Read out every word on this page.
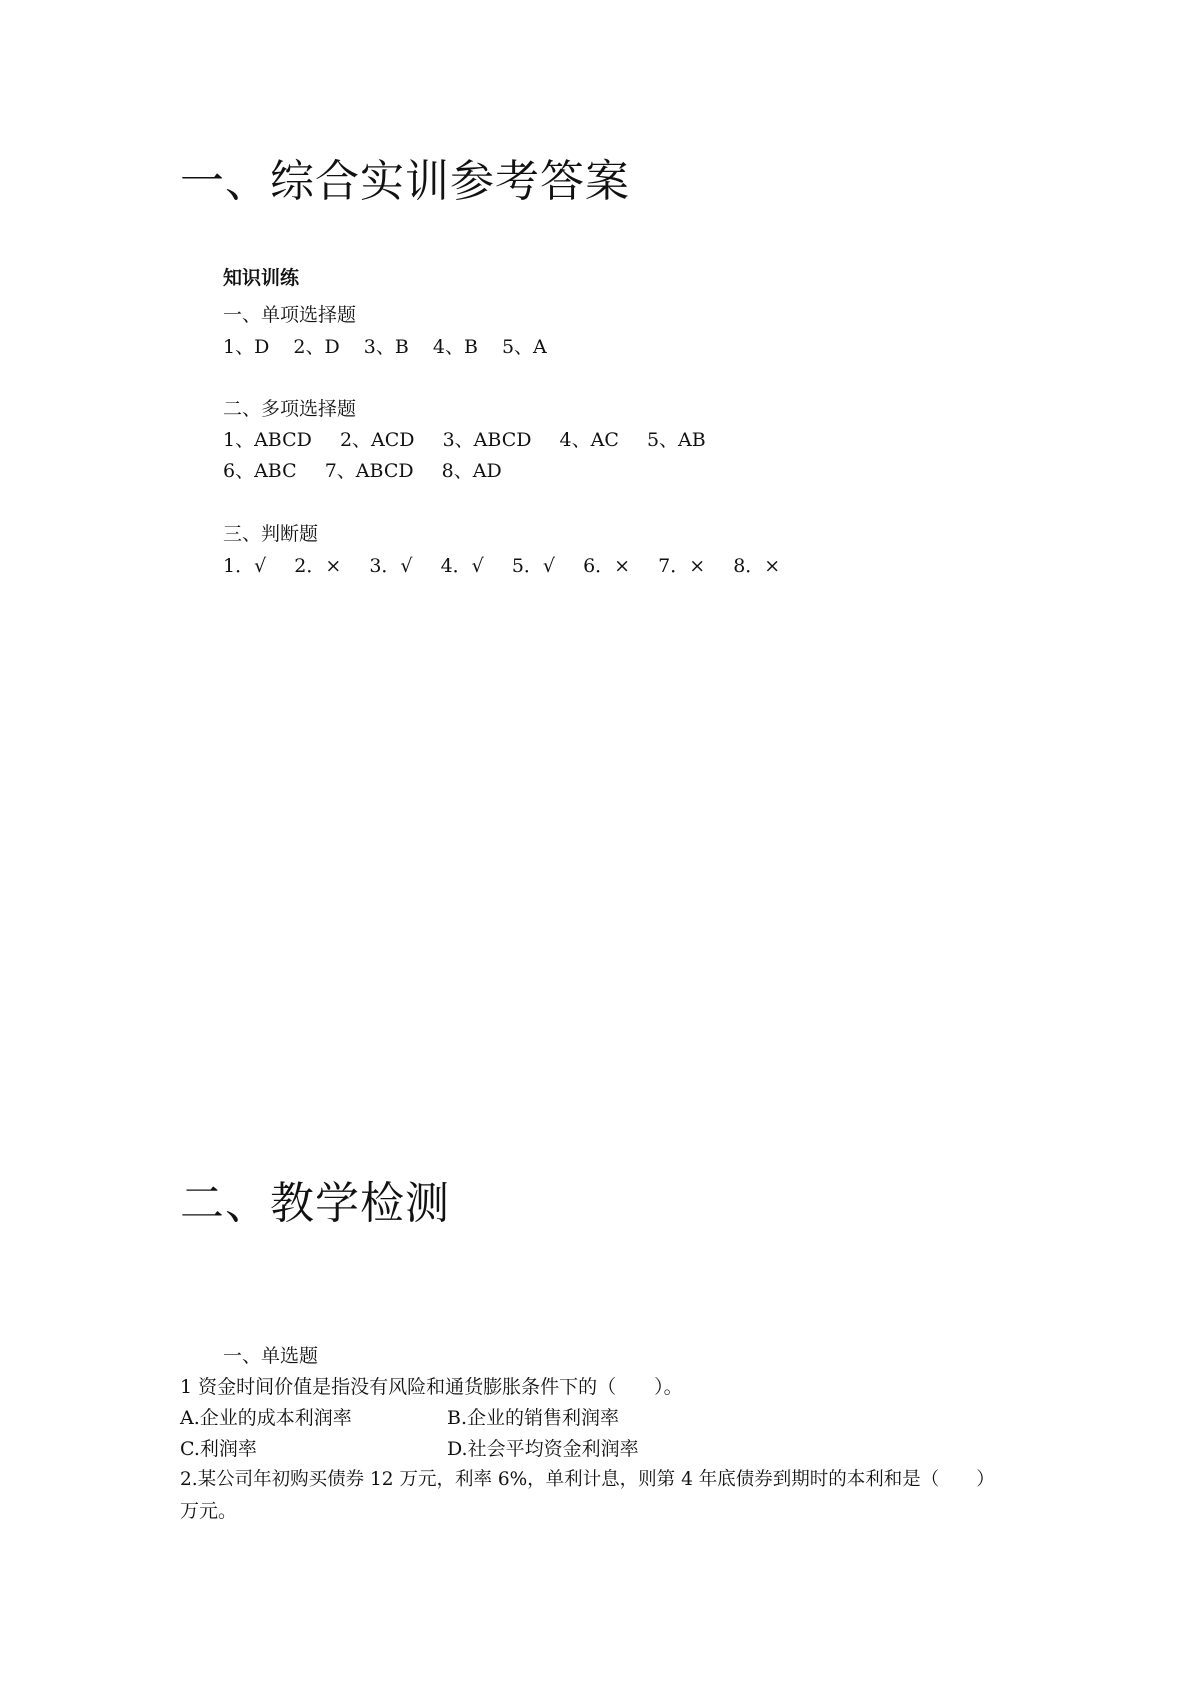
一、综合实训参考答案
知识训练
一、单项选择题
1、D 2、D 3、B 4、B 5、A
二、多项选择题
1、ABCD 2、ACD 3、ABCD 4、AC 5、AB
6、ABC 7、ABCD 8、AD
三、判断题
1．√ 2．× 3．√ 4．√ 5．√ 6．× 7．× 8．×
二、教学检测
一、单选题
1 资金时间价值是指没有风险和通货膨胀条件下的（　　）。
A.企业的成本利润率	B.企业的销售利润率
C.利润率	D.社会平均资金利润率
2.某公司年初购买债券 12 万元，利率 6%，单利计息，则第 4 年底债券到期时的本利和是（　　）
万元。
